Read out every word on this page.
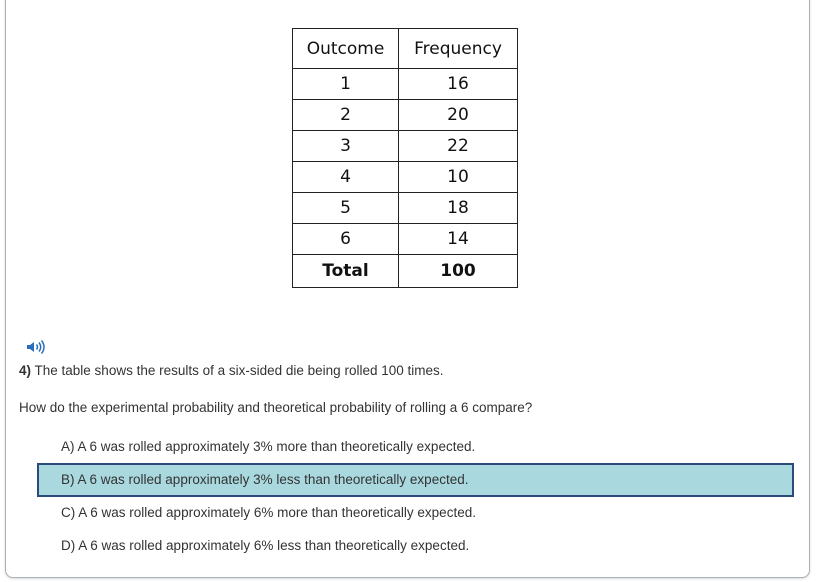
Outcome	Frequency
1	16
2	20
3	22
4	10
5	18
6	14
Total	100
4) The table shows the results of a six-sided die being rolled 100 times.
How do the experimental probability and theoretical probability of rolling a 6 compare?
A) A 6 was rolled approximately 3% more than theoretically expected.
B) A 6 was rolled approximately 3% less than theoretically expected.
C) A 6 was rolled approximately 6% more than theoretically expected.
D) A 6 was rolled approximately 6% less than theoretically expected.
